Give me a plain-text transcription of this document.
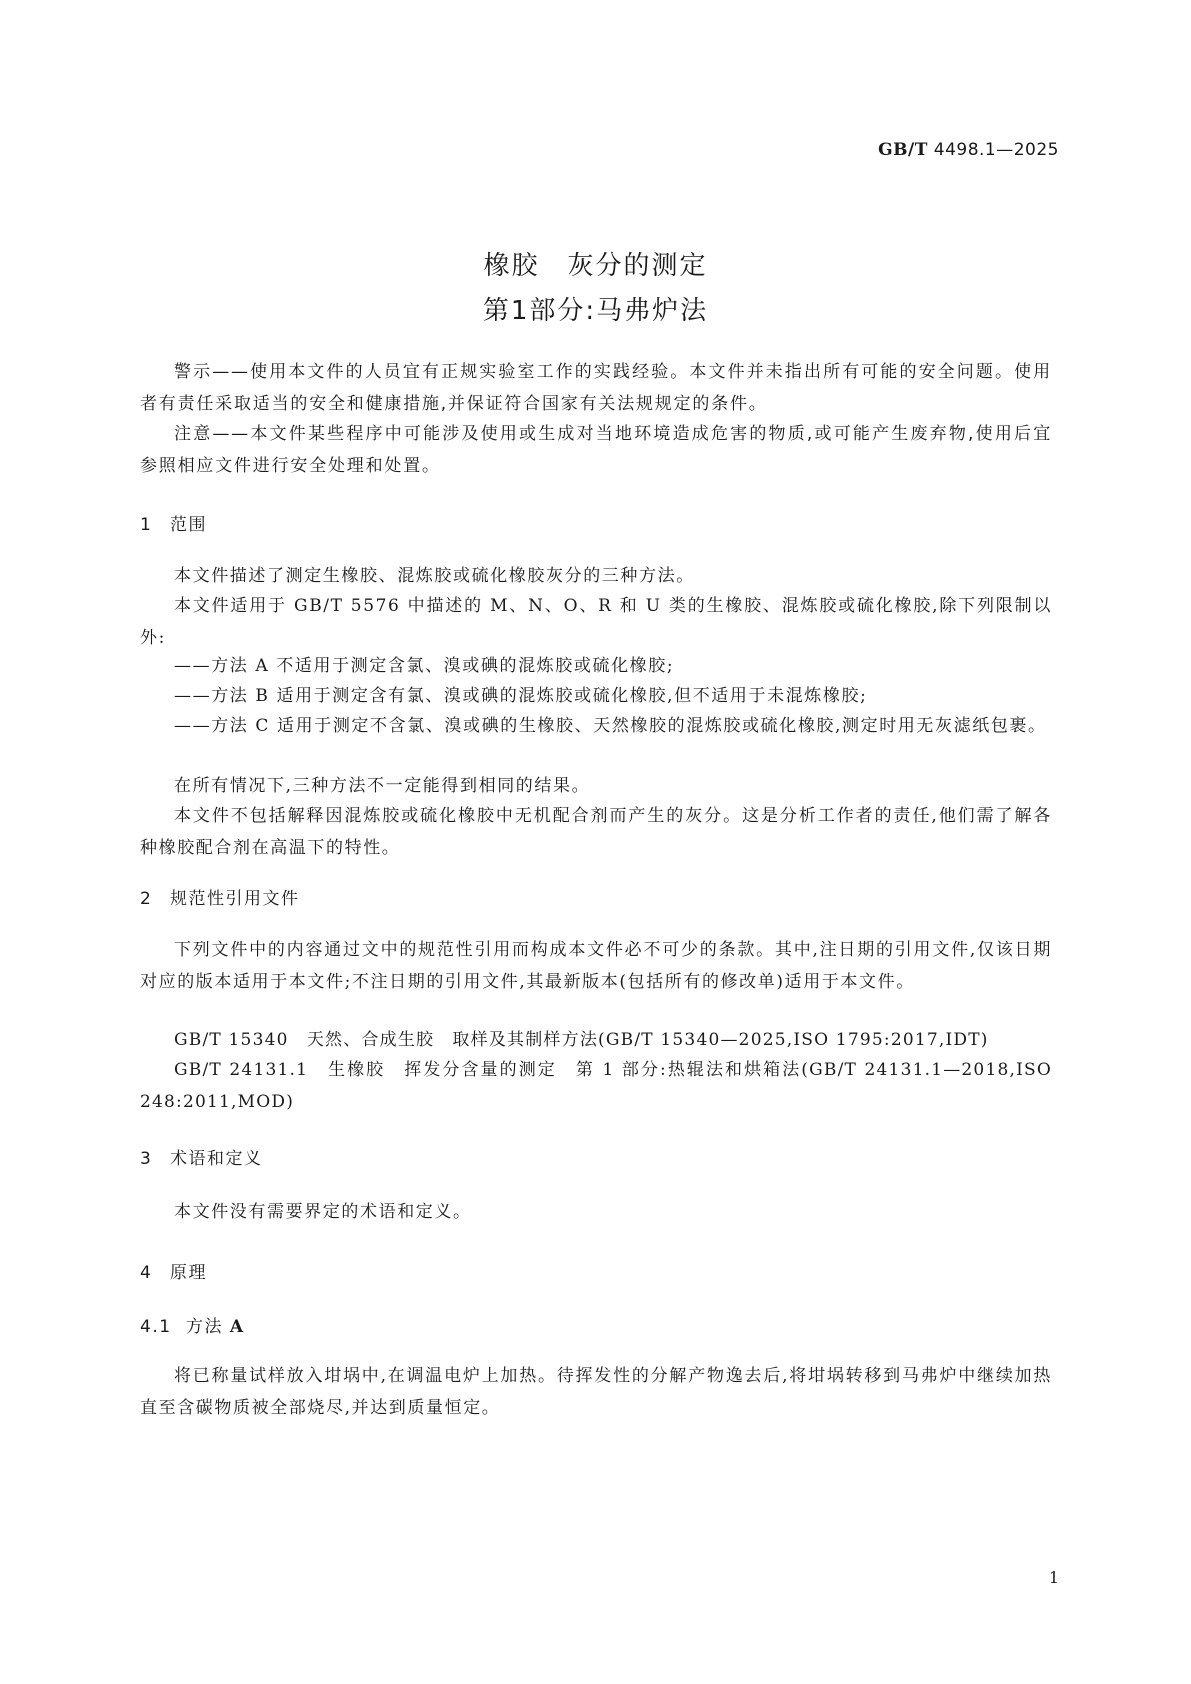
GB/T 4498.1—2025
橡胶　灰分的测定
第1部分:马弗炉法
警示——使用本文件的人员宜有正规实验室工作的实践经验。本文件并未指出所有可能的安全问题。使用者有责任采取适当的安全和健康措施,并保证符合国家有关法规规定的条件。
注意——本文件某些程序中可能涉及使用或生成对当地环境造成危害的物质,或可能产生废弃物,使用后宜参照相应文件进行安全处理和处置。
1 范围
本文件描述了测定生橡胶、混炼胶或硫化橡胶灰分的三种方法。
本文件适用于 GB/T 5576 中描述的 M、N、O、R 和 U 类的生橡胶、混炼胶或硫化橡胶,除下列限制以外:
——方法 A 不适用于测定含氯、溴或碘的混炼胶或硫化橡胶;
——方法 B 适用于测定含有氯、溴或碘的混炼胶或硫化橡胶,但不适用于未混炼橡胶;
——方法 C 适用于测定不含氯、溴或碘的生橡胶、天然橡胶的混炼胶或硫化橡胶,测定时用无灰滤纸包裹。
在所有情况下,三种方法不一定能得到相同的结果。
本文件不包括解释因混炼胶或硫化橡胶中无机配合剂而产生的灰分。这是分析工作者的责任,他们需了解各种橡胶配合剂在高温下的特性。
2 规范性引用文件
下列文件中的内容通过文中的规范性引用而构成本文件必不可少的条款。其中,注日期的引用文件,仅该日期对应的版本适用于本文件;不注日期的引用文件,其最新版本(包括所有的修改单)适用于本文件。
GB/T 15340　天然、合成生胶　取样及其制样方法(GB/T 15340—2025,ISO 1795:2017,IDT)
GB/T 24131.1　生橡胶　挥发分含量的测定　第 1 部分:热辊法和烘箱法(GB/T 24131.1—2018,ISO 248:2011,MOD)
3 术语和定义
本文件没有需要界定的术语和定义。
4 原理
4.1 方法 A
将已称量试样放入坩埚中,在调温电炉上加热。待挥发性的分解产物逸去后,将坩埚转移到马弗炉中继续加热直至含碳物质被全部烧尽,并达到质量恒定。
1
